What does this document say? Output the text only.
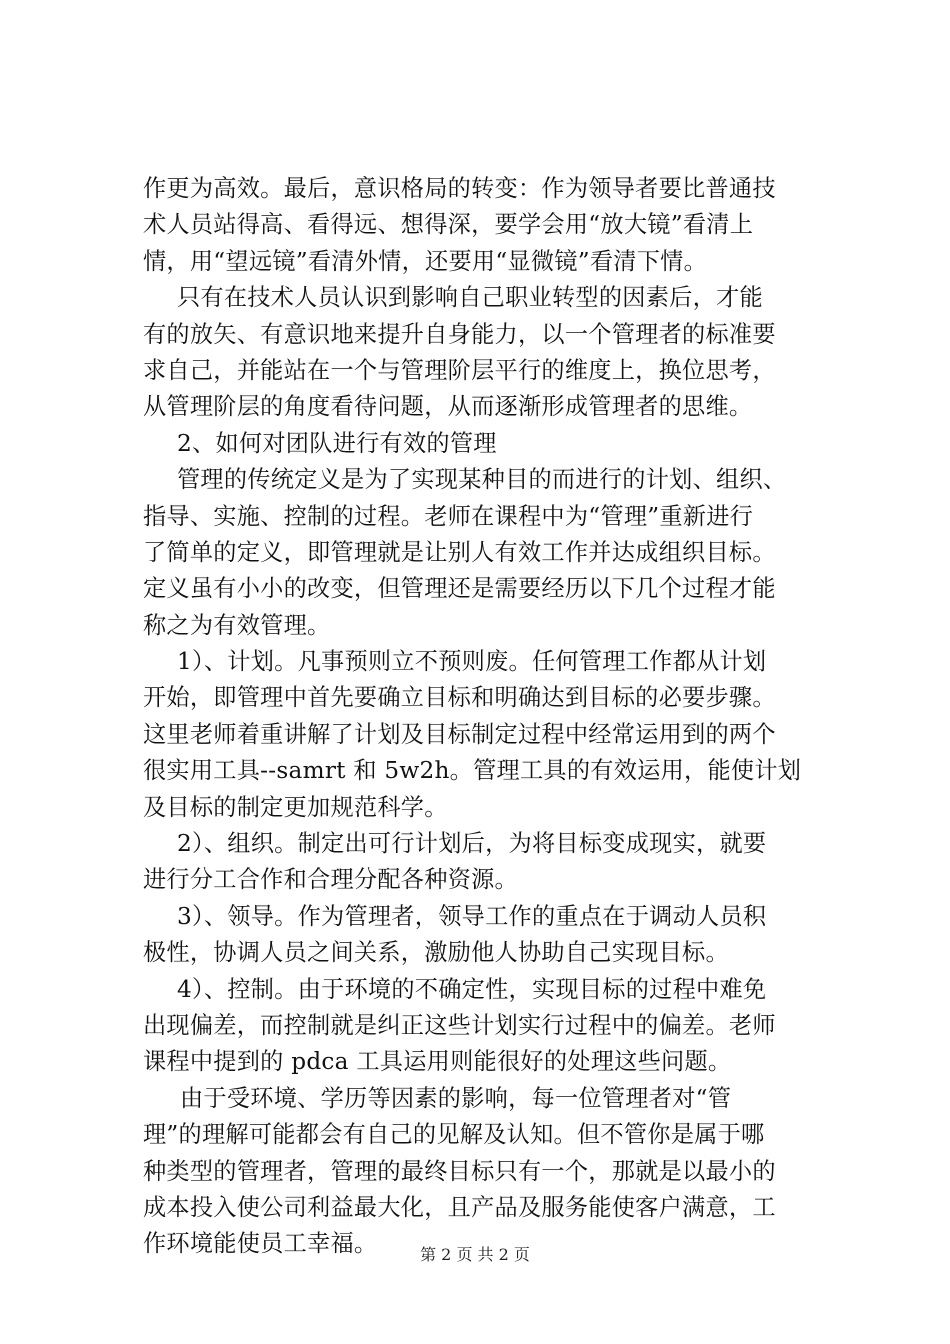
作更为高效。最后，意识格局的转变：作为领导者要比普通技
术人员站得高、看得远、想得深，要学会用“放大镜”看清上
情，用“望远镜”看清外情，还要用“显微镜”看清下情。
只有在技术人员认识到影响自己职业转型的因素后，才能
有的放矢、有意识地来提升自身能力，以一个管理者的标准要
求自己，并能站在一个与管理阶层平行的维度上，换位思考，
从管理阶层的角度看待问题，从而逐渐形成管理者的思维。
2、如何对团队进行有效的管理
管理的传统定义是为了实现某种目的而进行的计划、组织、
指导、实施、控制的过程。老师在课程中为“管理”重新进行
了简单的定义，即管理就是让别人有效工作并达成组织目标。
定义虽有小小的改变，但管理还是需要经历以下几个过程才能
称之为有效管理。
1）、计划。凡事预则立不预则废。任何管理工作都从计划
开始，即管理中首先要确立目标和明确达到目标的必要步骤。
这里老师着重讲解了计划及目标制定过程中经常运用到的两个
很实用工具--samrt 和 5w2h。管理工具的有效运用，能使计划
及目标的制定更加规范科学。
2）、组织。制定出可行计划后，为将目标变成现实，就要
进行分工合作和合理分配各种资源。
3）、领导。作为管理者，领导工作的重点在于调动人员积
极性，协调人员之间关系，激励他人协助自己实现目标。
4）、控制。由于环境的不确定性，实现目标的过程中难免
出现偏差，而控制就是纠正这些计划实行过程中的偏差。老师
课程中提到的 pdca 工具运用则能很好的处理这些问题。
由于受环境、学历等因素的影响，每一位管理者对“管
理”的理解可能都会有自己的见解及认知。但不管你是属于哪
种类型的管理者，管理的最终目标只有一个，那就是以最小的
成本投入使公司利益最大化，且产品及服务能使客户满意，工
作环境能使员工幸福。	第 2 页 共 2 页
